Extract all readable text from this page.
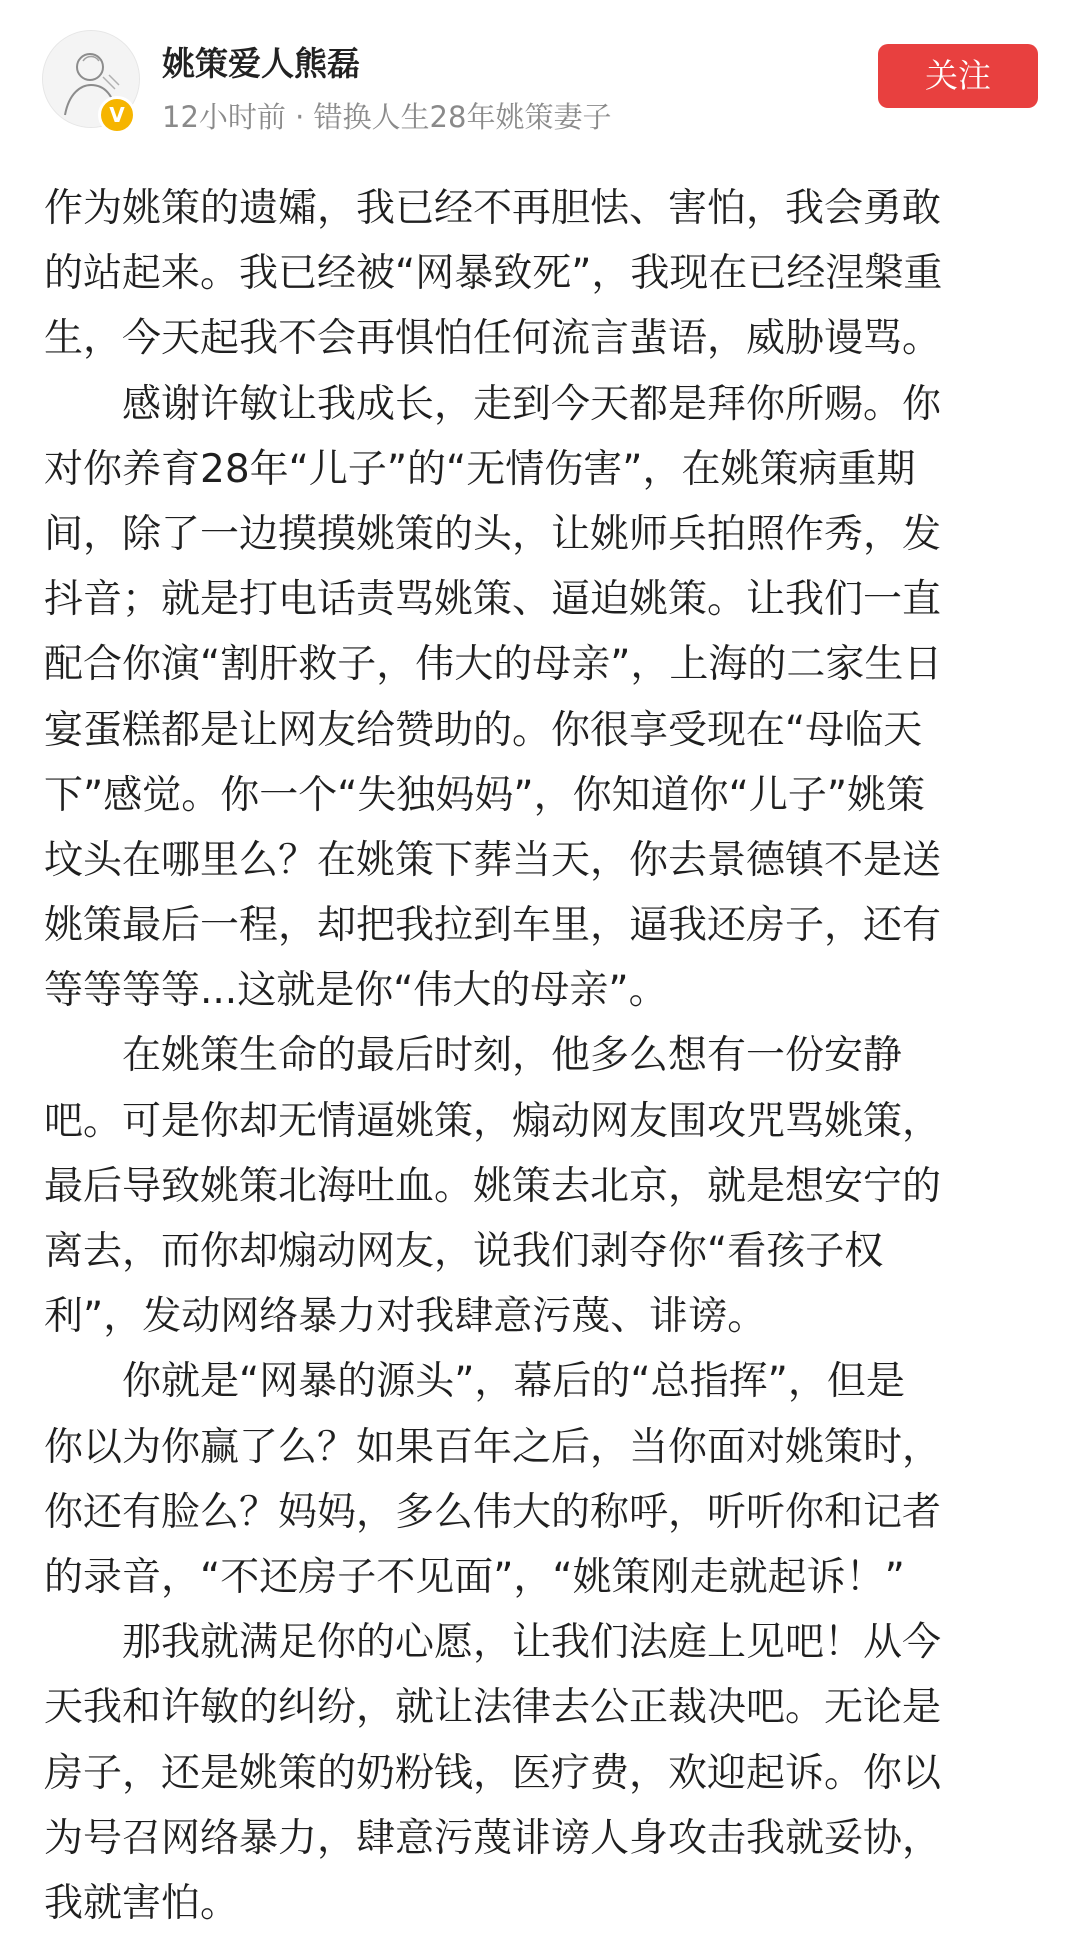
V
姚策爱人熊磊
12小时前 · 错换人生28年姚策妻子
关注
作为姚策的遗孀，我已经不再胆怯、害怕，我会勇敢
的站起来。我已经被“网暴致死”，我现在已经涅槃重
生，今天起我不会再惧怕任何流言蜚语，威胁谩骂。
　　感谢许敏让我成长，走到今天都是拜你所赐。你
对你养育28年“儿子”的“无情伤害”，在姚策病重期
间，除了一边摸摸姚策的头，让姚师兵拍照作秀，发
抖音；就是打电话责骂姚策、逼迫姚策。让我们一直
配合你演“割肝救子，伟大的母亲”，上海的二家生日
宴蛋糕都是让网友给赞助的。你很享受现在“母临天
下”感觉。你一个“失独妈妈”，你知道你“儿子”姚策
坟头在哪里么？在姚策下葬当天，你去景德镇不是送
姚策最后一程，却把我拉到车里，逼我还房子，还有
等等等等...这就是你“伟大的母亲”。
　　在姚策生命的最后时刻，他多么想有一份安静
吧。可是你却无情逼姚策，煽动网友围攻咒骂姚策，
最后导致姚策北海吐血。姚策去北京，就是想安宁的
离去，而你却煽动网友，说我们剥夺你“看孩子权
利”，发动网络暴力对我肆意污蔑、诽谤。
　　你就是“网暴的源头”，幕后的“总指挥”，但是
你以为你赢了么？如果百年之后，当你面对姚策时，
你还有脸么？妈妈，多么伟大的称呼，听听你和记者
的录音，“不还房子不见面”，“姚策刚走就起诉！”
　　那我就满足你的心愿，让我们法庭上见吧！从今
天我和许敏的纠纷，就让法律去公正裁决吧。无论是
房子，还是姚策的奶粉钱，医疗费，欢迎起诉。你以
为号召网络暴力，肆意污蔑诽谤人身攻击我就妥协，
我就害怕。
